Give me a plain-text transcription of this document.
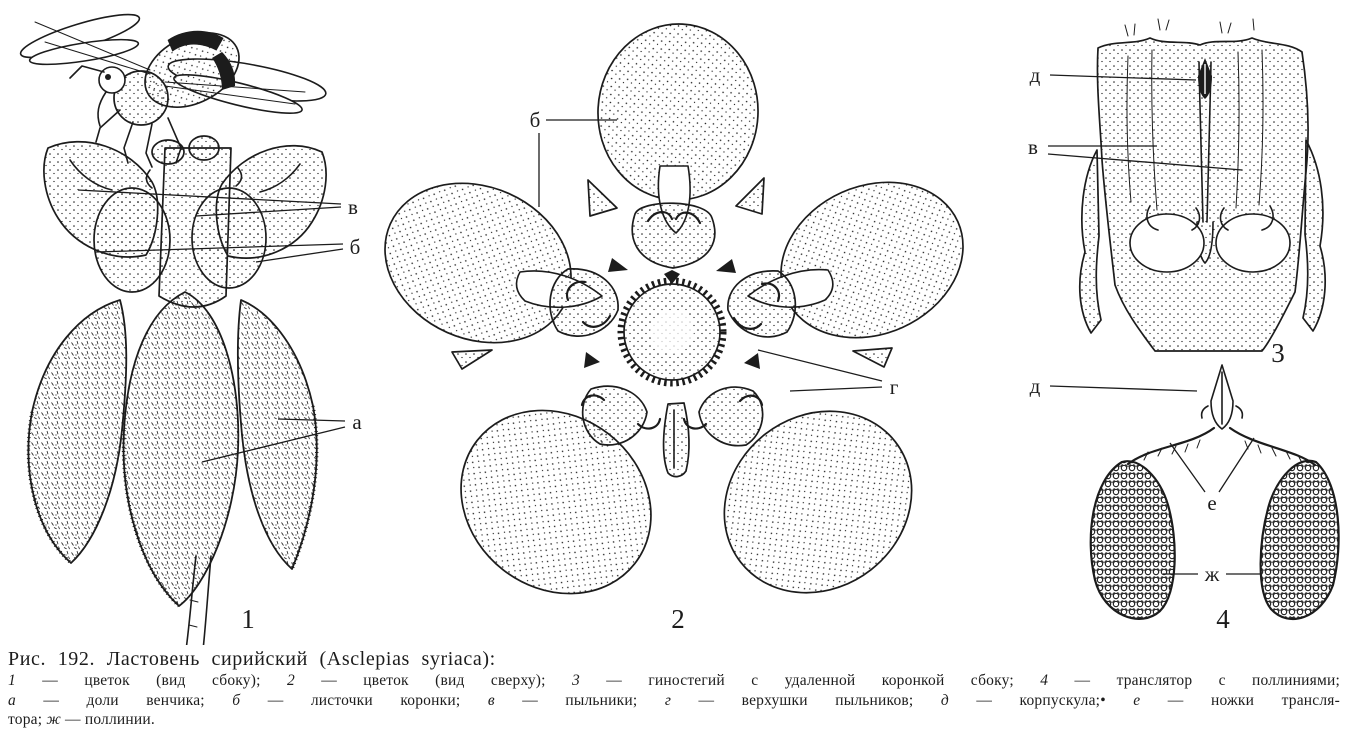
в
б
а
1
б
г
2
д
в
3
д
е
ж
4
Рис. 192. Ластовень сирийский (Asclepias syriaca):
1 — цветок (вид сбоку); 2 — цветок (вид сверху); 3 — гиностегий с удаленной коронкой сбоку; 4 — транслятор с поллиниями;
а — доли венчика; б — листочки коронки; в — пыльники; г — верхушки пыльников; д — корпускула;• е — ножки трансля-
тора; ж — поллинии.
